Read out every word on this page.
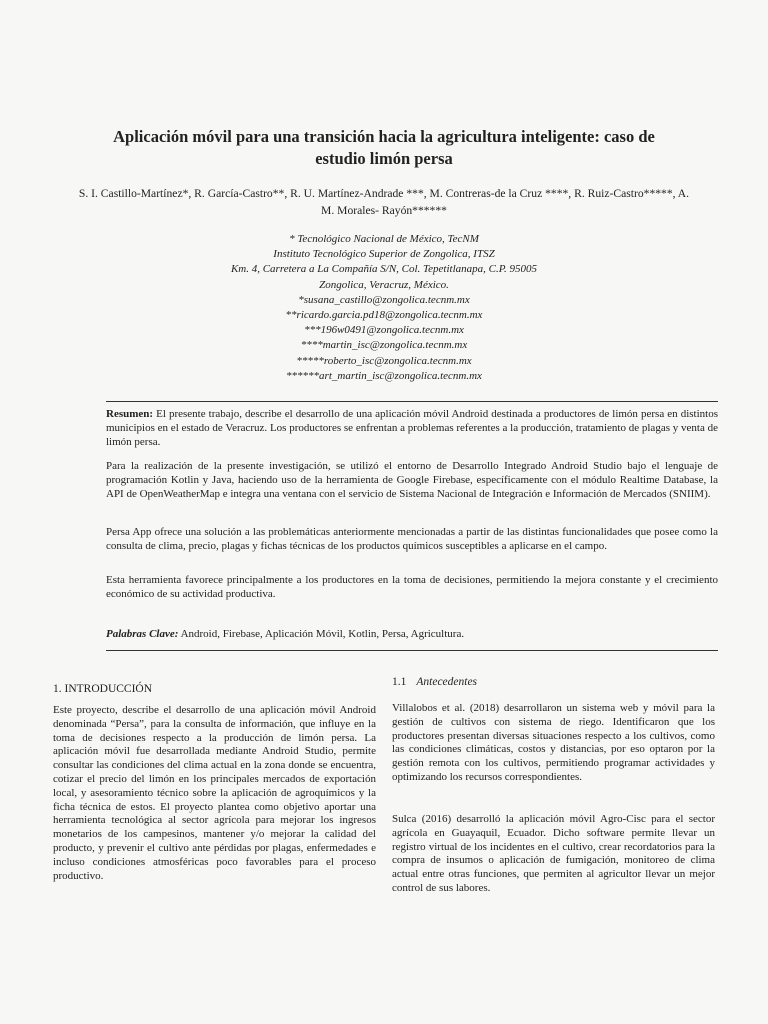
Aplicación móvil para una transición hacia la agricultura inteligente: caso de
estudio limón persa
S. I. Castillo-Martínez*, R. García-Castro**, R. U. Martínez-Andrade ***, M. Contreras-de la Cruz ****, R. Ruiz-Castro*****, A.
M. Morales- Rayón******
* Tecnológico Nacional de México, TecNM
Instituto Tecnológico Superior de Zongolica, ITSZ
Km. 4, Carretera a La Compañía S/N, Col. Tepetitlanapa, C.P. 95005
Zongolica, Veracruz, México.
*susana_castillo@zongolica.tecnm.mx
**ricardo.garcia.pd18@zongolica.tecnm.mx
***196w0491@zongolica.tecnm.mx
****martin_isc@zongolica.tecnm.mx
*****roberto_isc@zongolica.tecnm.mx
******art_martin_isc@zongolica.tecnm.mx

Resumen: El presente trabajo, describe el desarrollo de una aplicación móvil Android destinada a productores de limón persa en distintos municipios en el estado de Veracruz. Los productores se enfrentan a problemas referentes a la producción, tratamiento de plagas y venta de limón persa.

Para la realización de la presente investigación, se utilizó el entorno de Desarrollo Integrado Android Studio bajo el lenguaje de programación Kotlin y Java, haciendo uso de la herramienta de Google Firebase, específicamente con el módulo Realtime Database, la API de OpenWeatherMap e integra una ventana con el servicio de Sistema Nacional de Integración e Información de Mercados (SNIIM).

Persa App ofrece una solución a las problemáticas anteriormente mencionadas a partir de las distintas funcionalidades que posee como la consulta de clima, precio, plagas y fichas técnicas de los productos químicos susceptibles a aplicarse en el campo.

Esta herramienta favorece principalmente a los productores en la toma de decisiones, permitiendo la mejora constante y el crecimiento económico de su actividad productiva.

Palabras Clave: Android, Firebase, Aplicación Móvil, Kotlin, Persa, Agricultura.

1. INTRODUCCIÓN

Este proyecto, describe el desarrollo de una aplicación móvil Android denominada “Persa”, para la consulta de información, que influye en la toma de decisiones respecto a la producción de limón persa. La aplicación móvil fue desarrollada mediante Android Studio, permite consultar las condiciones del clima actual en la zona donde se encuentra, cotizar el precio del limón en los principales mercados de exportación local, y asesoramiento técnico sobre la aplicación de agroquímicos y la ficha técnica de estos. El proyecto plantea como objetivo aportar una herramienta tecnológica al sector agrícola para mejorar los ingresos monetarios de los campesinos, mantener y/o mejorar la calidad del producto, y prevenir el cultivo ante pérdidas por plagas, enfermedades e incluso condiciones atmosféricas poco favorables para el proceso productivo.

1.1 Antecedentes

Villalobos et al. (2018) desarrollaron un sistema web y móvil para la gestión de cultivos con sistema de riego. Identificaron que los productores presentan diversas situaciones respecto a los cultivos, como las condiciones climáticas, costos y distancias, por eso optaron por la gestión remota con los cultivos, permitiendo programar actividades y optimizando los recursos correspondientes.

Sulca (2016) desarrolló la aplicación móvil Agro-Cisc para el sector agrícola en Guayaquil, Ecuador. Dicho software permite llevar un registro virtual de los incidentes en el cultivo, crear recordatorios para la compra de insumos o aplicación de fumigación, monitoreo de clima actual entre otras funciones, que permiten al agricultor llevar un mejor control de sus labores.
